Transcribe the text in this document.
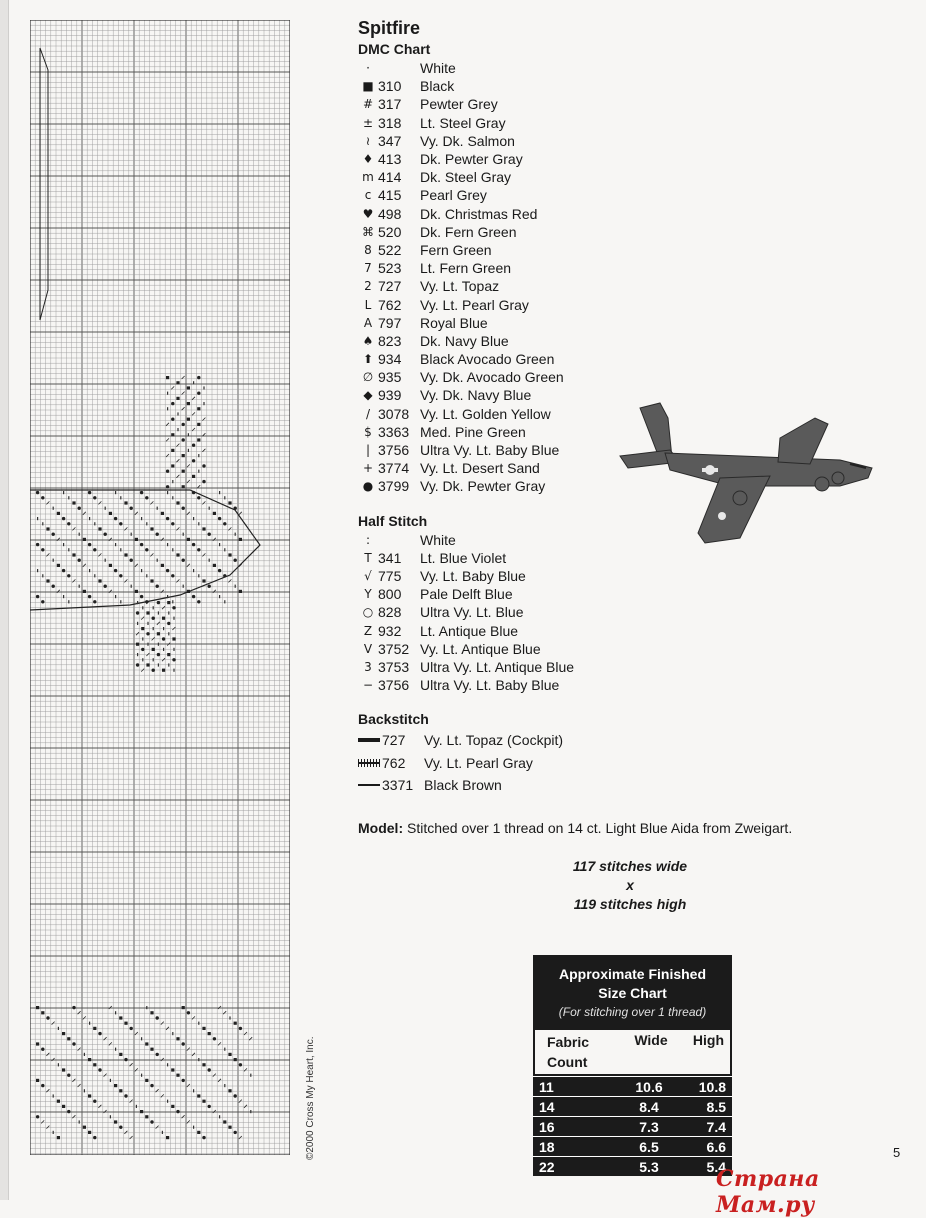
©2000 Cross My Heart, Inc.
Spitfire
DMC Chart
·	White
■ 310	Black
# 317	Pewter Grey
± 318	Lt. Steel Gray
≀ 347	Vy. Dk. Salmon
♦ 413	Dk. Pewter Gray
m 414	Dk. Steel Gray
c 415	Pearl Grey
♥ 498	Dk. Christmas Red
⌘ 520	Dk. Fern Green
8 522	Fern Green
7 523	Lt. Fern Green
2 727	Vy. Lt. Topaz
L 762	Vy. Lt. Pearl Gray
A 797	Royal Blue
♠ 823	Dk. Navy Blue
⬆ 934	Black Avocado Green
∅ 935	Vy. Dk. Avocado Green
◆ 939	Vy. Dk. Navy Blue
/ 3078 Vy. Lt. Golden Yellow
$ 3363 Med. Pine Green
| 3756 Ultra Vy. Lt. Baby Blue
+ 3774 Vy. Lt. Desert Sand
● 3799 Vy. Dk. Pewter Gray
Half Stitch
:	White
T 341	Lt. Blue Violet
√ 775	Vy. Lt. Baby Blue
Y 800	Pale Delft Blue
○ 828	Ultra Vy. Lt. Blue
Z 932	Lt. Antique Blue
V 3752 Vy. Lt. Antique Blue
3 3753 Ultra Vy. Lt. Antique Blue
− 3756 Ultra Vy. Lt. Baby Blue
Backstitch
727	Vy. Lt. Topaz (Cockpit)
762	Vy. Lt. Pearl Gray
3371 Black Brown
Model: Stitched over 1 thread on 14 ct. Light Blue Aida from Zweigart.
117 stitches wide
x
119 stitches high
Approximate Finished
Size Chart
(For stitching over 1 thread)
Fabric
Count
Wide	High
11	10.6	10.8
14	8.4	8.5
16	7.3	7.4
18	6.5	6.6
22	5.3	5.4
5
Страна Мам.ру
